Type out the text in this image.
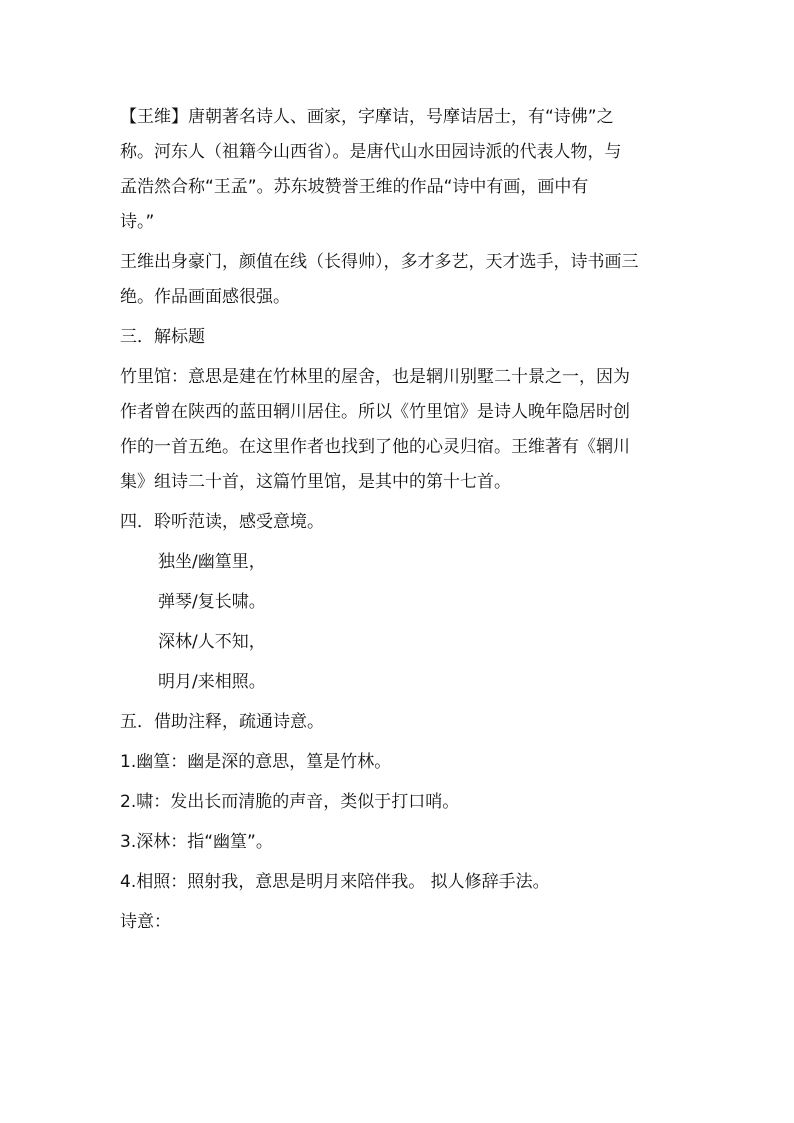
【王维】唐朝著名诗人、画家，字摩诘，号摩诘居士，有“诗佛”之
称。河东人（祖籍今山西省）。是唐代山水田园诗派的代表人物，与
孟浩然合称“王孟”。苏东坡赞誉王维的作品“诗中有画，画中有
诗。”
王维出身豪门，颜值在线（长得帅），多才多艺，天才选手，诗书画三
绝。作品画面感很强。
三．解标题
竹里馆：意思是建在竹林里的屋舍，也是辋川别墅二十景之一，因为
作者曾在陕西的蓝田辋川居住。所以《竹里馆》是诗人晚年隐居时创
作的一首五绝。在这里作者也找到了他的心灵归宿。王维著有《辋川
集》组诗二十首，这篇竹里馆，是其中的第十七首。
四．聆听范读，感受意境。
独坐/幽篁里，
弹琴/复长啸。
深林/人不知，
明月/来相照。
五．借助注释，疏通诗意。
1.幽篁：幽是深的意思，篁是竹林。
2.啸：发出长而清脆的声音，类似于打口哨。
3.深林：指“幽篁”。
4.相照：照射我，意思是明月来陪伴我。 拟人修辞手法。
诗意：
